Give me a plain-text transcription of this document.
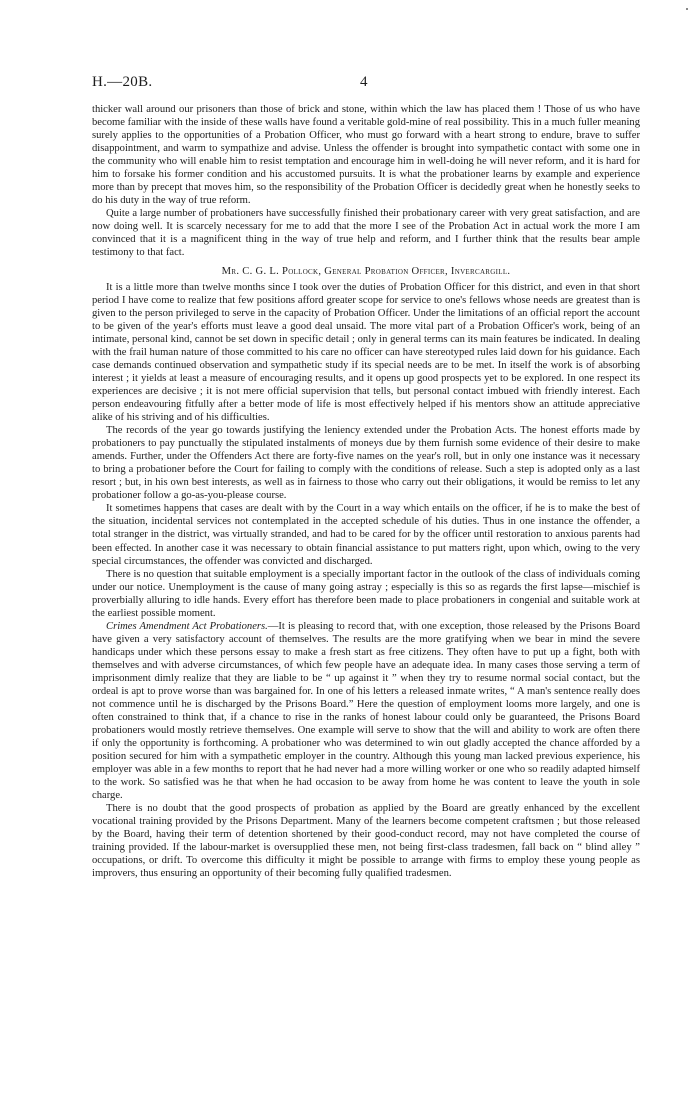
H.—20B.	4

thicker wall around our prisoners than those of brick and stone, within which the law has placed them ! Those of us who have become familiar with the inside of these walls have found a veritable gold-mine of real possibility. This in a much fuller meaning surely applies to the opportunities of a Probation Officer, who must go forward with a heart strong to endure, brave to suffer disappointment, and warm to sympathize and advise. Unless the offender is brought into sympathetic contact with some one in the community who will enable him to resist temptation and encourage him in well-doing he will never reform, and it is hard for him to forsake his former condition and his accustomed pursuits. It is what the probationer learns by example and experience more than by precept that moves him, so the responsibility of the Probation Officer is decidedly great when he honestly seeks to do his duty in the way of true reform.

Quite a large number of probationers have successfully finished their probationary career with very great satisfaction, and are now doing well. It is scarcely necessary for me to add that the more I see of the Probation Act in actual work the more I am convinced that it is a magnificent thing in the way of true help and reform, and I further think that the results bear ample testimony to that fact.

Mr. C. G. L. Pollock, General Probation Officer, Invercargill.

It is a little more than twelve months since I took over the duties of Probation Officer for this district, and even in that short period I have come to realize that few positions afford greater scope for service to one's fellows whose needs are greatest than is given to the person privileged to serve in the capacity of Probation Officer. Under the limitations of an official report the account to be given of the year's efforts must leave a good deal unsaid. The more vital part of a Probation Officer's work, being of an intimate, personal kind, cannot be set down in specific detail ; only in general terms can its main features be indicated. In dealing with the frail human nature of those committed to his care no officer can have stereotyped rules laid down for his guidance. Each case demands continued observation and sympathetic study if its special needs are to be met. In itself the work is of absorbing interest ; it yields at least a measure of encouraging results, and it opens up good prospects yet to be explored. In one respect its experiences are decisive ; it is not mere official supervision that tells, but personal contact imbued with friendly interest. Each person endeavouring fitfully after a better mode of life is most effectively helped if his mentors show an attitude appreciative alike of his striving and of his difficulties.

The records of the year go towards justifying the leniency extended under the Probation Acts. The honest efforts made by probationers to pay punctually the stipulated instalments of moneys due by them furnish some evidence of their desire to make amends. Further, under the Offenders Act there are forty-five names on the year's roll, but in only one instance was it necessary to bring a probationer before the Court for failing to comply with the conditions of release. Such a step is adopted only as a last resort ; but, in his own best interests, as well as in fairness to those who carry out their obligations, it would be remiss to let any probationer follow a go-as-you-please course.

It sometimes happens that cases are dealt with by the Court in a way which entails on the officer, if he is to make the best of the situation, incidental services not contemplated in the accepted schedule of his duties. Thus in one instance the offender, a total stranger in the district, was virtually stranded, and had to be cared for by the officer until restoration to anxious parents had been effected. In another case it was necessary to obtain financial assistance to put matters right, upon which, owing to the very special circumstances, the offender was convicted and discharged.

There is no question that suitable employment is a specially important factor in the outlook of the class of individuals coming under our notice. Unemployment is the cause of many going astray ; especially is this so as regards the first lapse—mischief is proverbially alluring to idle hands. Every effort has therefore been made to place probationers in congenial and suitable work at the earliest possible moment.

Crimes Amendment Act Probationers.—It is pleasing to record that, with one exception, those released by the Prisons Board have given a very satisfactory account of themselves. The results are the more gratifying when we bear in mind the severe handicaps under which these persons essay to make a fresh start as free citizens. They often have to put up a fight, both with themselves and with adverse circumstances, of which few people have an adequate idea. In many cases those serving a term of imprisonment dimly realize that they are liable to be “ up against it ” when they try to resume normal social contact, but the ordeal is apt to prove worse than was bargained for. In one of his letters a released inmate writes, “ A man's sentence really does not commence until he is discharged by the Prisons Board.” Here the question of employment looms more largely, and one is often constrained to think that, if a chance to rise in the ranks of honest labour could only be guaranteed, the Prisons Board probationers would mostly retrieve themselves. One example will serve to show that the will and ability to work are often there if only the opportunity is forthcoming. A probationer who was determined to win out gladly accepted the chance afforded by a position secured for him with a sympathetic employer in the country. Although this young man lacked previous experience, his employer was able in a few months to report that he had never had a more willing worker or one who so readily adapted himself to the work. So satisfied was he that when he had occasion to be away from home he was content to leave the youth in sole charge.

There is no doubt that the good prospects of probation as applied by the Board are greatly enhanced by the excellent vocational training provided by the Prisons Department. Many of the learners become competent craftsmen ; but those released by the Board, having their term of detention shortened by their good-conduct record, may not have completed the course of training provided. If the labour-market is oversupplied these men, not being first-class tradesmen, fall back on “ blind alley ” occupations, or drift. To overcome this difficulty it might be possible to arrange with firms to employ these young people as improvers, thus ensuring an opportunity of their becoming fully qualified tradesmen.
